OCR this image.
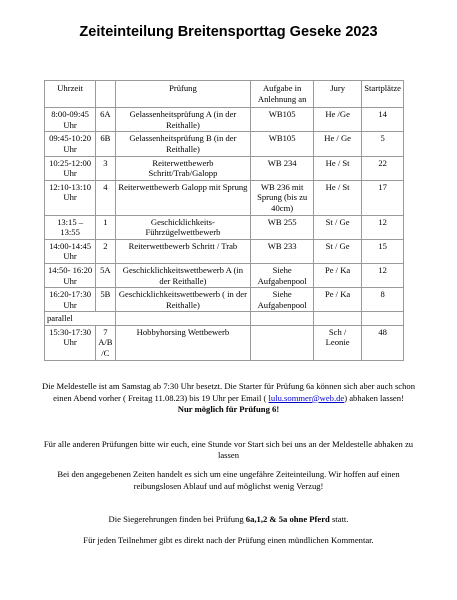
Zeiteinteilung Breitensporttag Geseke 2023
Uhrzeit		Prüfung	Aufgabe in Anlehnung an	Jury	Startplätze
8:00-09:45 Uhr	6A	Gelassenheitsprüfung A (in der Reithalle)	WB105	He /Ge	14
09:45-10:20 Uhr	6B	Gelassenheitsprüfung B (in der Reithalle)	WB105	He / Ge	5
10:25-12:00 Uhr	3	Reiterwettbewerb Schritt/Trab/Galopp	WB 234	He / St	22
12:10-13:10 Uhr	4	Reiterwettbewerb Galopp mit Sprung	WB 236 mit Sprung (bis zu 40cm)	He / St	17
13:15 – 13:55	1	Geschicklichkeits-Führzügelwettbewerb	WB 255	St / Ge	12
14:00-14:45 Uhr	2	Reiterwettbewerb Schritt / Trab	WB 233	St / Ge	15
14:50- 16:20 Uhr	5A	Geschicklichkeitswettbewerb A (in der Reithalle)	Siehe Aufgabenpool	Pe / Ka	12
16:20-17:30 Uhr	5B	Geschicklichkeitswettbewerb ( in der Reithalle)	Siehe Aufgabenpool	Pe / Ka	8
parallel					
15:30-17:30 Uhr	7 A/B /C	Hobbyhorsing Wettbewerb		Sch / Leonie	48

Die Meldestelle ist am Samstag ab 7:30 Uhr besetzt. Die Starter für Prüfung 6a können sich aber auch schon einen Abend vorher ( Freitag 11.08.23) bis 19 Uhr per Email ( lulu.sommer@web.de) abhaken lassen!
Nur möglich für Prüfung 6!

Für alle anderen Prüfungen bitte wir euch, eine Stunde vor Start sich bei uns an der Meldestelle abhaken zu lassen

Bei den angegebenen Zeiten handelt es sich um eine ungefähre Zeiteinteilung. Wir hoffen auf einen reibungslosen Ablauf und auf möglichst wenig Verzug!

Die Siegerehrungen finden bei Prüfung 6a,1,2 & 5a ohne Pferd statt.

Für jeden Teilnehmer gibt es direkt nach der Prüfung einen mündlichen Kommentar.
